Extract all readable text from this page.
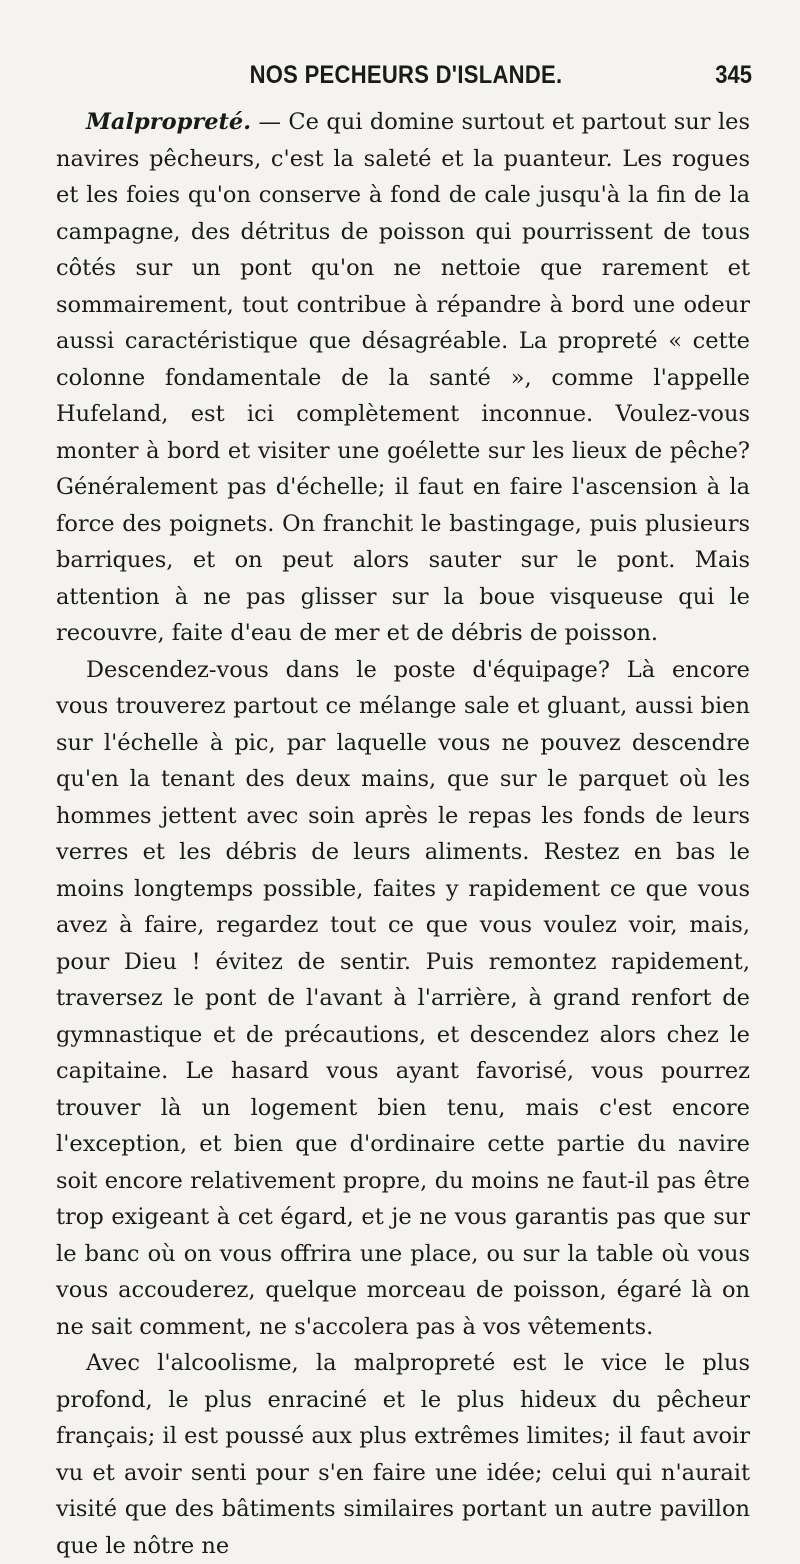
NOS PECHEURS D'ISLANDE.	345

Malpropreté. — Ce qui domine surtout et partout sur les navires pêcheurs, c'est la saleté et la puanteur. Les rogues et les foies qu'on conserve à fond de cale jusqu'à la fin de la campagne, des détritus de poisson qui pourrissent de tous côtés sur un pont qu'on ne nettoie que rarement et sommairement, tout contribue à répandre à bord une odeur aussi caractéristique que désagréable. La propreté « cette colonne fondamentale de la santé », comme l'appelle Hufeland, est ici complètement inconnue. Voulez-vous monter à bord et visiter une goélette sur les lieux de pêche? Généralement pas d'échelle; il faut en faire l'ascension à la force des poignets. On franchit le bastingage, puis plusieurs barriques, et on peut alors sauter sur le pont. Mais attention à ne pas glisser sur la boue visqueuse qui le recouvre, faite d'eau de mer et de débris de poisson.

Descendez-vous dans le poste d'équipage? Là encore vous trouverez partout ce mélange sale et gluant, aussi bien sur l'échelle à pic, par laquelle vous ne pouvez descendre qu'en la tenant des deux mains, que sur le parquet où les hommes jettent avec soin après le repas les fonds de leurs verres et les débris de leurs aliments. Restez en bas le moins longtemps possible, faites y rapidement ce que vous avez à faire, regardez tout ce que vous voulez voir, mais, pour Dieu ! évitez de sentir. Puis remontez rapidement, traversez le pont de l'avant à l'arrière, à grand renfort de gymnastique et de précautions, et descendez alors chez le capitaine. Le hasard vous ayant favorisé, vous pourrez trouver là un logement bien tenu, mais c'est encore l'exception, et bien que d'ordinaire cette partie du navire soit encore relativement propre, du moins ne faut-il pas être trop exigeant à cet égard, et je ne vous garantis pas que sur le banc où on vous offrira une place, ou sur la table où vous vous accouderez, quelque morceau de poisson, égaré là on ne sait comment, ne s'accolera pas à vos vêtements.

Avec l'alcoolisme, la malpropreté est le vice le plus profond, le plus enraciné et le plus hideux du pêcheur français; il est poussé aux plus extrêmes limites; il faut avoir vu et avoir senti pour s'en faire une idée; celui qui n'aurait visité que des bâtiments similaires portant un autre pavillon que le nôtre ne
